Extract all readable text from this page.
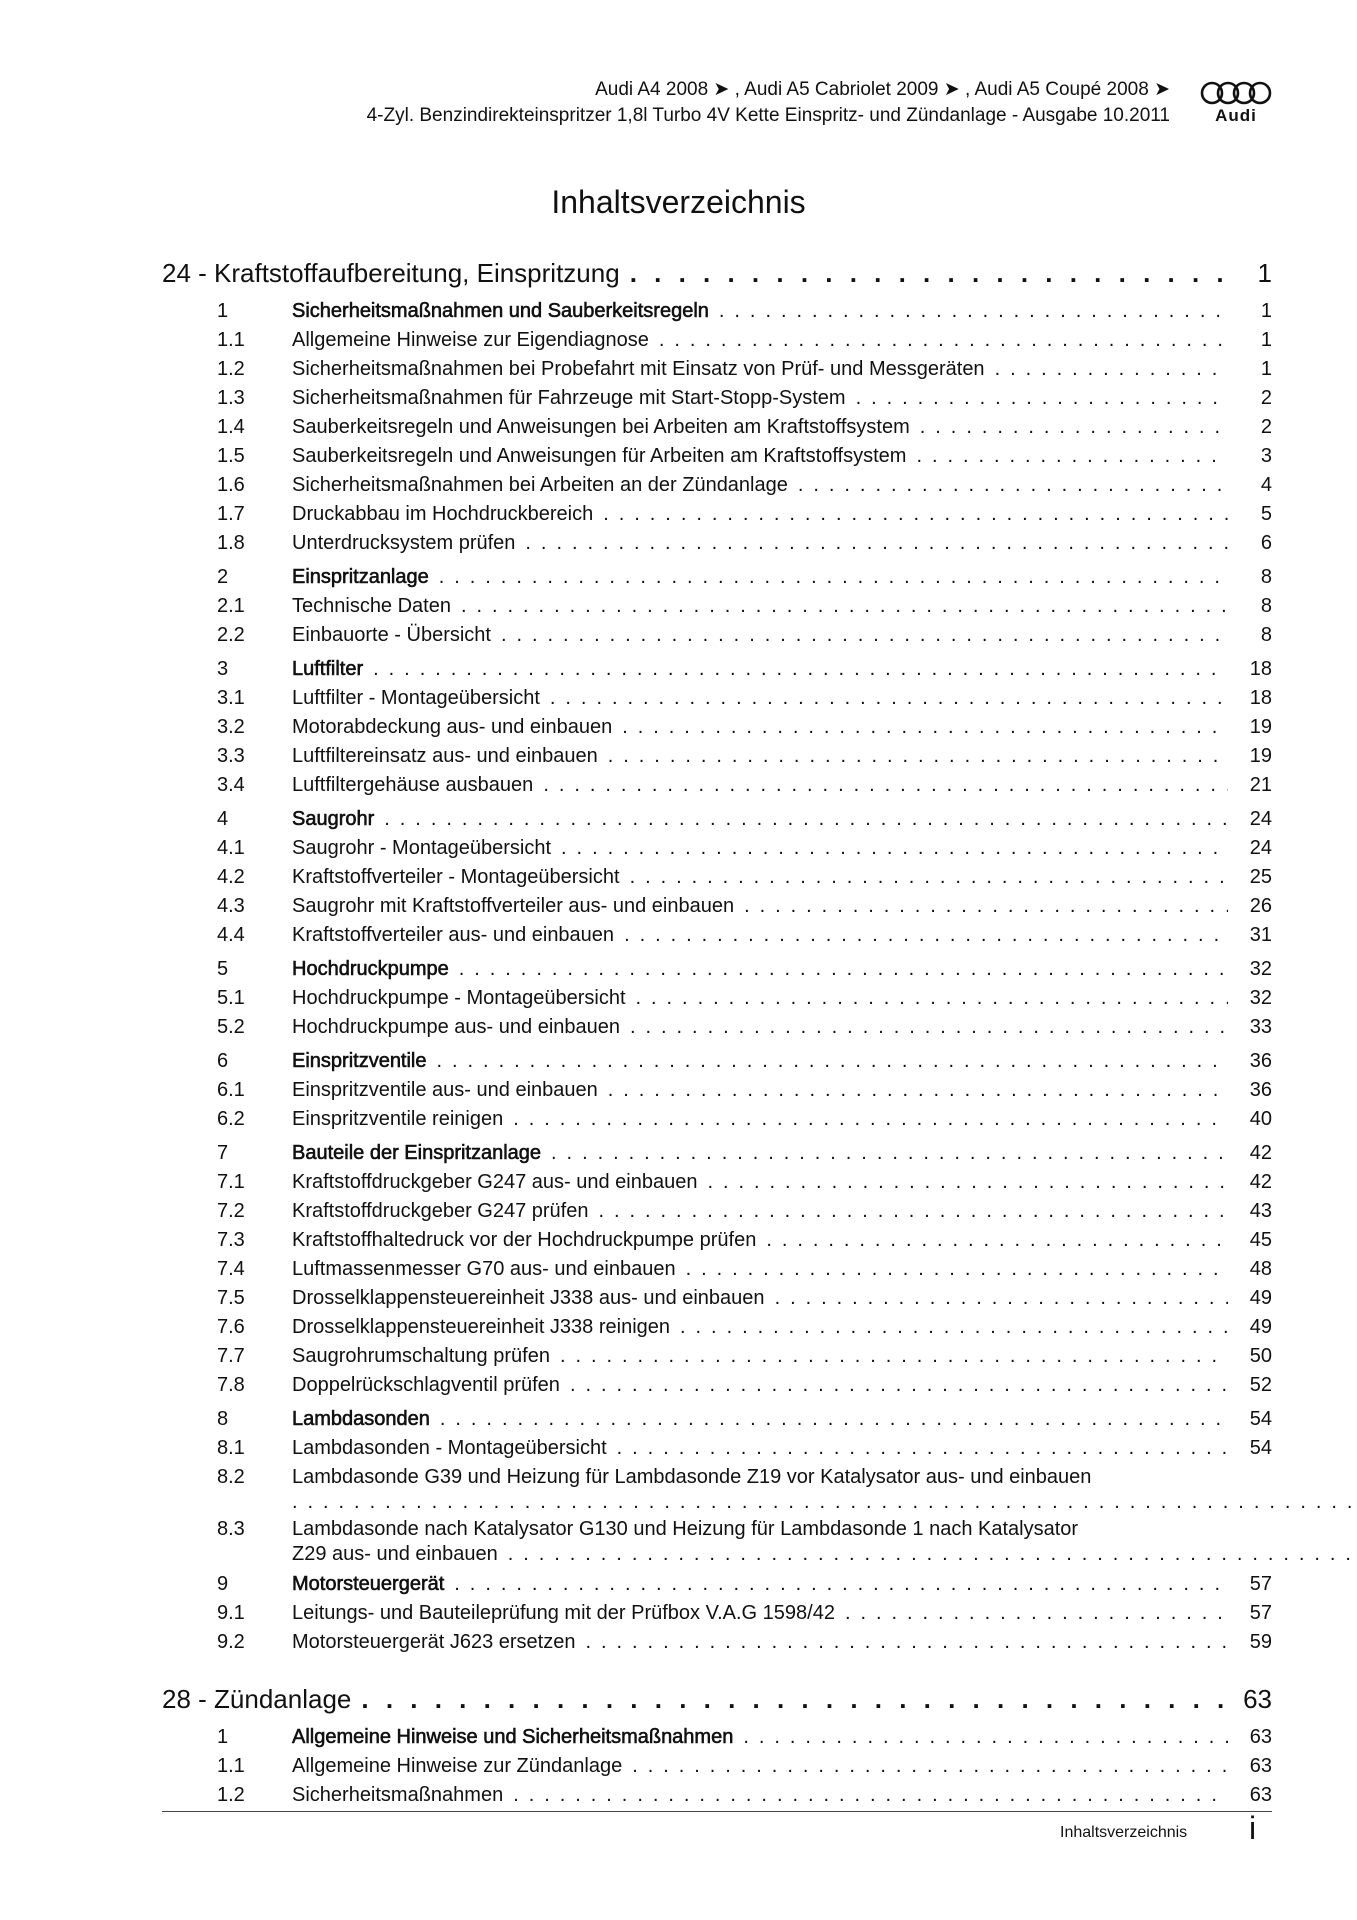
Audi A4 2008 ➤ , Audi A5 Cabriolet 2009 ➤ , Audi A5 Coupé 2008 ➤
4-Zyl. Benzindirekteinspritzer 1,8l Turbo 4V Kette Einspritz- und Zündanlage - Ausgabe 10.2011	Audi
Inhaltsverzeichnis
24 - Kraftstoffaufbereitung, Einspritzung . . .	1
1	Sicherheitsmaßnahmen und Sauberkeitsregeln . . .	1
1.1	Allgemeine Hinweise zur Eigendiagnose . . .	1
1.2	Sicherheitsmaßnahmen bei Probefahrt mit Einsatz von Prüf- und Messgeräten . . .	1
1.3	Sicherheitsmaßnahmen für Fahrzeuge mit Start-Stopp-System . . .	2
1.4	Sauberkeitsregeln und Anweisungen bei Arbeiten am Kraftstoffsystem . . .	2
1.5	Sauberkeitsregeln und Anweisungen für Arbeiten am Kraftstoffsystem . . .	3
1.6	Sicherheitsmaßnahmen bei Arbeiten an der Zündanlage . . .	4
1.7	Druckabbau im Hochdruckbereich . . .	5
1.8	Unterdrucksystem prüfen . . .	6
2	Einspritzanlage . . .	8
2.1	Technische Daten . . .	8
2.2	Einbauorte - Übersicht . . .	8
3	Luftfilter . . .	18
3.1	Luftfilter - Montageübersicht . . .	18
3.2	Motorabdeckung aus- und einbauen . . .	19
3.3	Luftfiltereinsatz aus- und einbauen . . .	19
3.4	Luftfiltergehäuse ausbauen . . .	21
4	Saugrohr . . .	24
4.1	Saugrohr - Montageübersicht . . .	24
4.2	Kraftstoffverteiler - Montageübersicht . . .	25
4.3	Saugrohr mit Kraftstoffverteiler aus- und einbauen . . .	26
4.4	Kraftstoffverteiler aus- und einbauen . . .	31
5	Hochdruckpumpe . . .	32
5.1	Hochdruckpumpe - Montageübersicht . . .	32
5.2	Hochdruckpumpe aus- und einbauen . . .	33
6	Einspritzventile . . .	36
6.1	Einspritzventile aus- und einbauen . . .	36
6.2	Einspritzventile reinigen . . .	40
7	Bauteile der Einspritzanlage . . .	42
7.1	Kraftstoffdruckgeber G247 aus- und einbauen . . .	42
7.2	Kraftstoffdruckgeber G247 prüfen . . .	43
7.3	Kraftstoffhaltedruck vor der Hochdruckpumpe prüfen . . .	45
7.4	Luftmassenmesser G70 aus- und einbauen . . .	48
7.5	Drosselklappensteuereinheit J338 aus- und einbauen . . .	49
7.6	Drosselklappensteuereinheit J338 reinigen . . .	49
7.7	Saugrohrumschaltung prüfen . . .	50
7.8	Doppelrückschlagventil prüfen . . .	52
8	Lambdasonden . . .	54
8.1	Lambdasonden - Montageübersicht . . .	54
8.2	Lambdasonde G39 und Heizung für Lambdasonde Z19 vor Katalysator aus- und einbauen
. . .
8.3	Lambdasonde nach Katalysator G130 und Heizung für Lambdasonde 1 nach Katalysator
Z29 aus- und einbauen
. . .
9	Motorsteuergerät . . .	57
9.1	Leitungs- und Bauteileprüfung mit der Prüfbox V.A.G 1598/42 . . .	57
9.2	Motorsteuergerät J623 ersetzen . . .	59
28 - Zündanlage . . .	63
1	Allgemeine Hinweise und Sicherheitsmaßnahmen . . .	63
1.1	Allgemeine Hinweise zur Zündanlage . . .	63
1.2	Sicherheitsmaßnahmen . . .	63
Inhaltsverzeichnis i
